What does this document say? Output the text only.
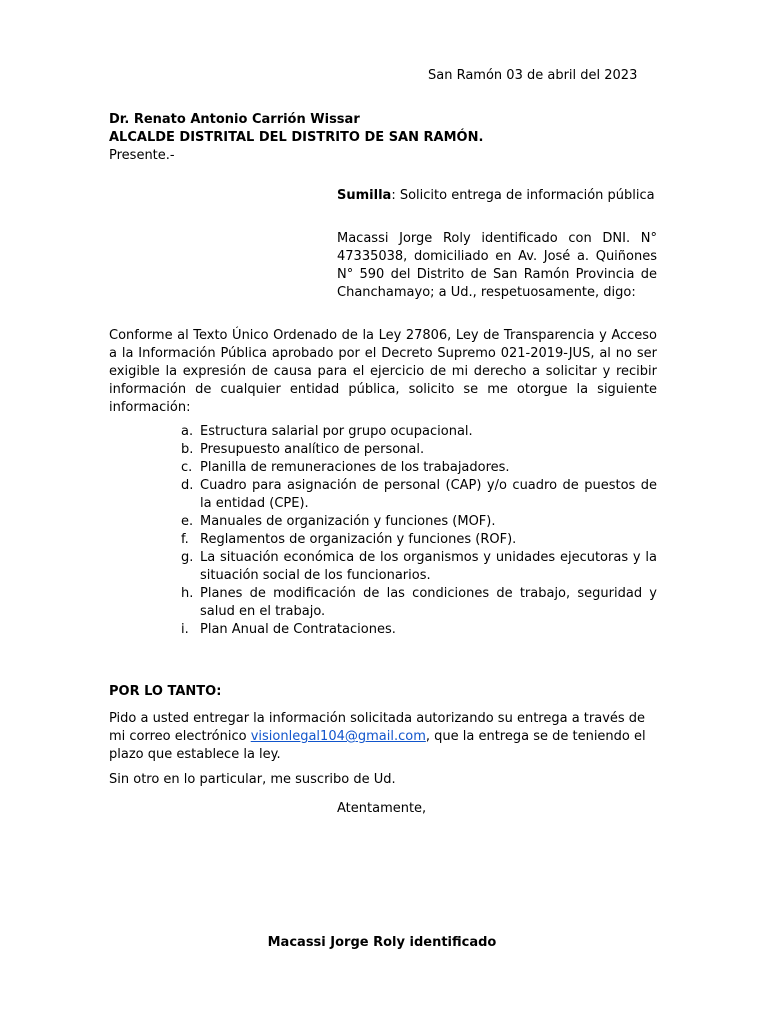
San Ramón 03 de abril del 2023
Dr. Renato Antonio Carrión Wissar
ALCALDE DISTRITAL DEL DISTRITO DE SAN RAMÓN.
Presente.-
Sumilla: Solicito entrega de información pública
Macassi Jorge Roly identificado con DNI. N° 47335038, domiciliado en Av. José a. Quiñones N° 590 del Distrito de San Ramón Provincia de Chanchamayo; a Ud., respetuosamente, digo:
Conforme al Texto Único Ordenado de la Ley 27806, Ley de Transparencia y Acceso a la Información Pública aprobado por el Decreto Supremo 021-2019-JUS, al no ser exigible la expresión de causa para el ejercicio de mi derecho a solicitar y recibir información de cualquier entidad pública, solicito se me otorgue la siguiente información:
a. Estructura salarial por grupo ocupacional.
b. Presupuesto analítico de personal.
c. Planilla de remuneraciones de los trabajadores.
d. Cuadro para asignación de personal (CAP) y/o cuadro de puestos de la entidad (CPE).
e. Manuales de organización y funciones (MOF).
f. Reglamentos de organización y funciones (ROF).
g. La situación económica de los organismos y unidades ejecutoras y la situación social de los funcionarios.
h. Planes de modificación de las condiciones de trabajo, seguridad y salud en el trabajo.
i. Plan Anual de Contrataciones.
POR LO TANTO:
Pido a usted entregar la información solicitada autorizando su entrega a través de mi correo electrónico visionlegal104@gmail.com, que la entrega se de teniendo el plazo que establece la ley.
Sin otro en lo particular, me suscribo de Ud.
Atentamente,
Macassi Jorge Roly identificado
